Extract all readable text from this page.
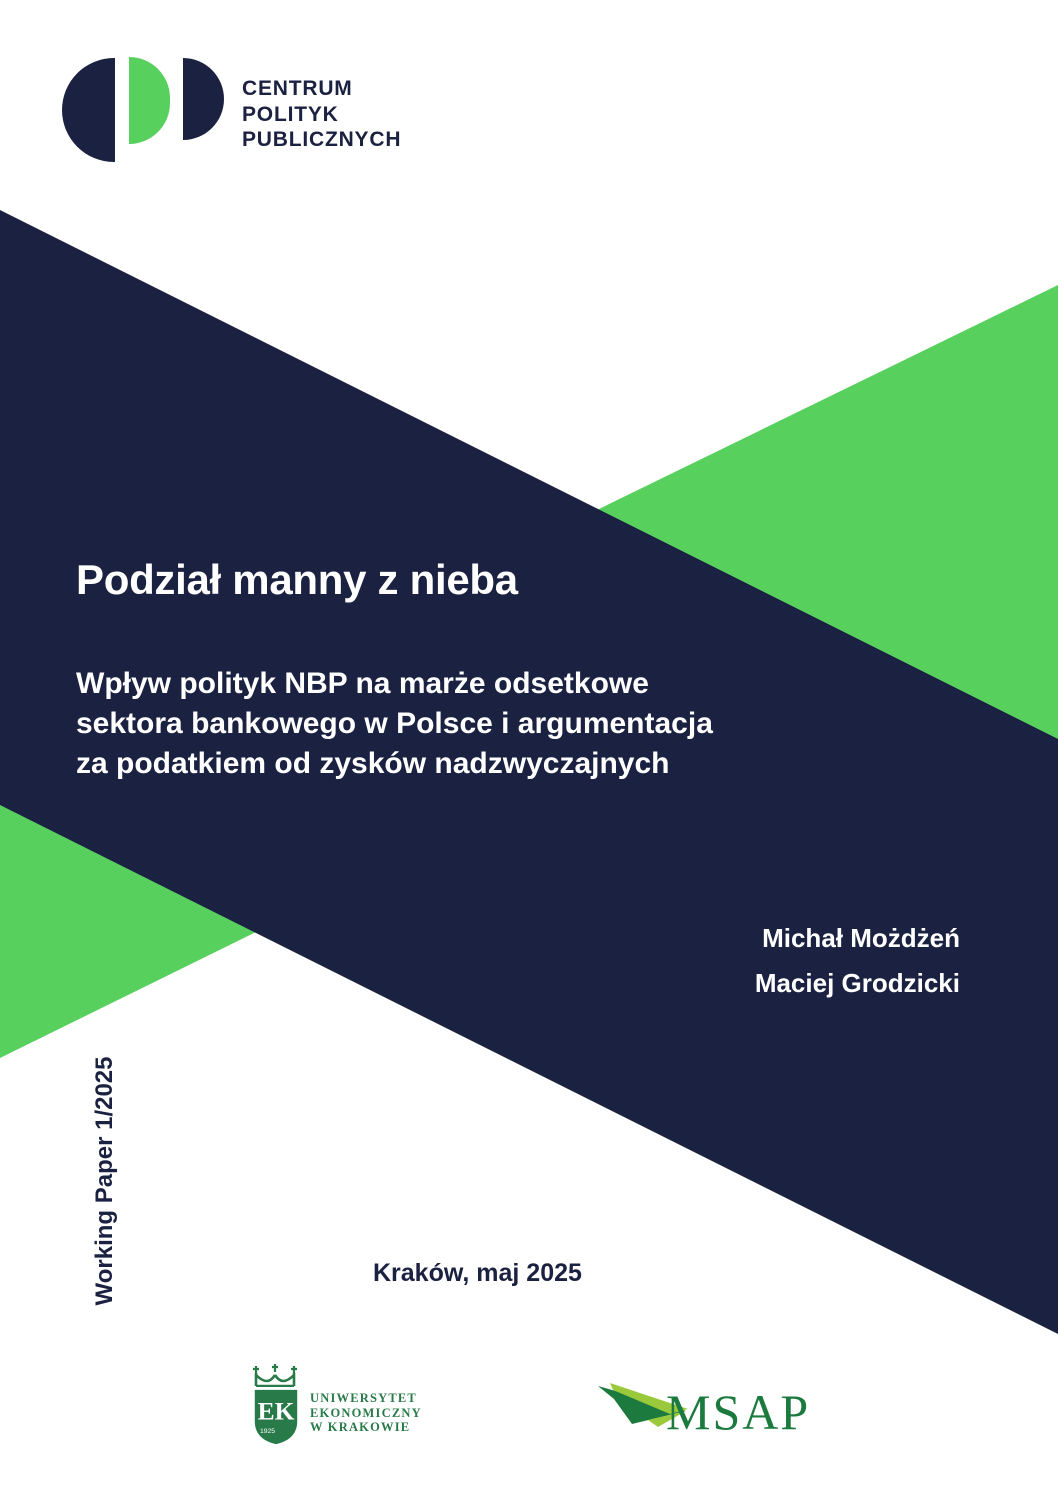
CENTRUM
POLITYK
PUBLICZNYCH
Podział manny z nieba
Wpływ polityk NBP na marże odsetkowe
sektora bankowego w Polsce i argumentacja
za podatkiem od zysków nadzwyczajnych
Michał Możdżeń
Maciej Grodzicki
Working Paper 1/2025	Kraków, maj 2025
EK
1925
UNIWERSYTET
EKONOMICZNY
W KRAKOWIE	MSAP
